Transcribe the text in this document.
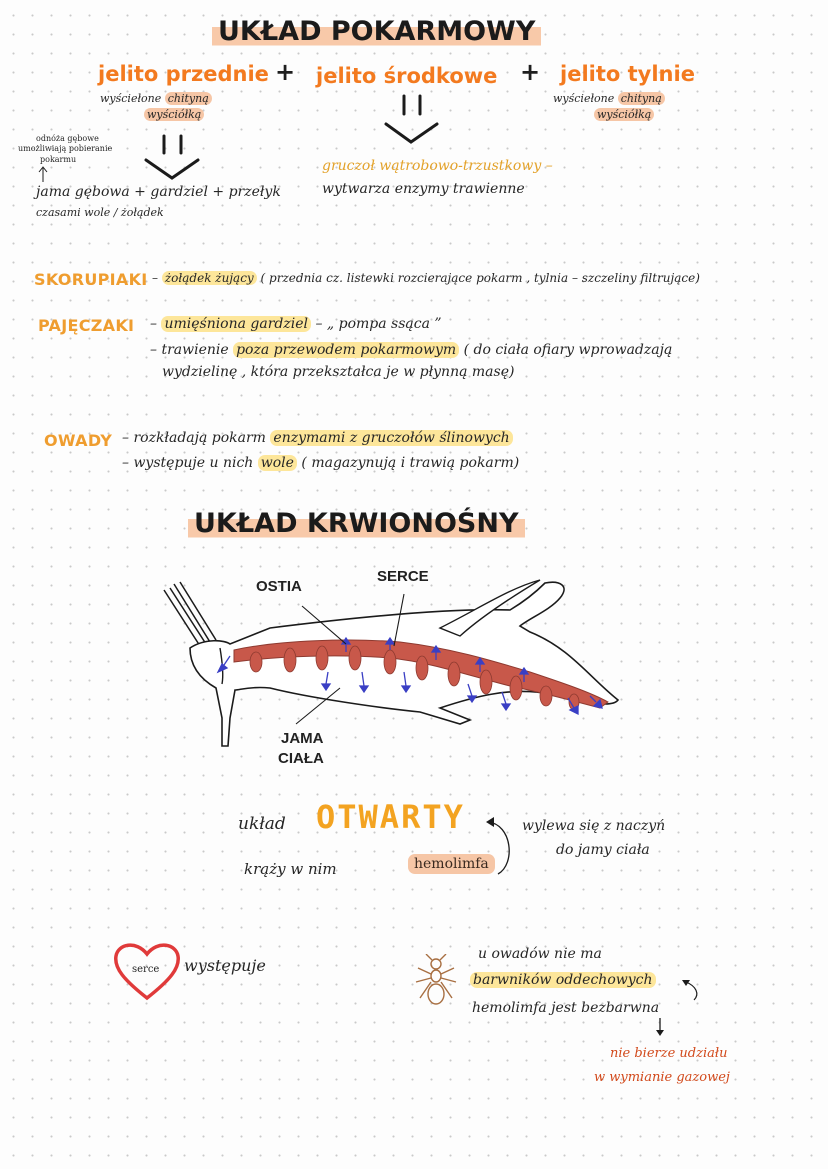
UKŁAD POKARMOWY
jelito przednie + jelito środkowe + jelito tylnie
wyściełone chityną
wyściółką
wyściełone chityną
wyściółką
odnóża gębowe
umożliwiają pobieranie
pokarmu
jama gębowa + gardziel + przełyk
czasami wole / żołądek
gruczoł wątrobowo-trzustkowy –
wytwarza enzymy trawienne
SKORUPIAKI – żołądek żujący ( przednia cz. listewki rozcierające pokarm , tylnia – szczeliny filtrujące)
PAJĘCZAKI – umięśniona gardziel – „ pompa ssąca ”
– trawienie poza przewodem pokarmowym ( do ciała ofiary wprowadzają
wydzielinę , która przekształca je w płynną masę)
OWADY – rozkładają pokarm enzymami z gruczołów ślinowych
– występuje u nich wole ( magazynują i trawią pokarm)
UKŁAD KRWIONOŚNY
OSTIA
SERCE
JAMA
CIAŁA
układ OTWARTY	wylewa się z naczyń
do jamy ciała
krąży w nim	hemolimfa
serce występuje
u owadów nie ma
barwników oddechowych
hemolimfa jest bezbarwna
nie bierze udziału
w wymianie gazowej
